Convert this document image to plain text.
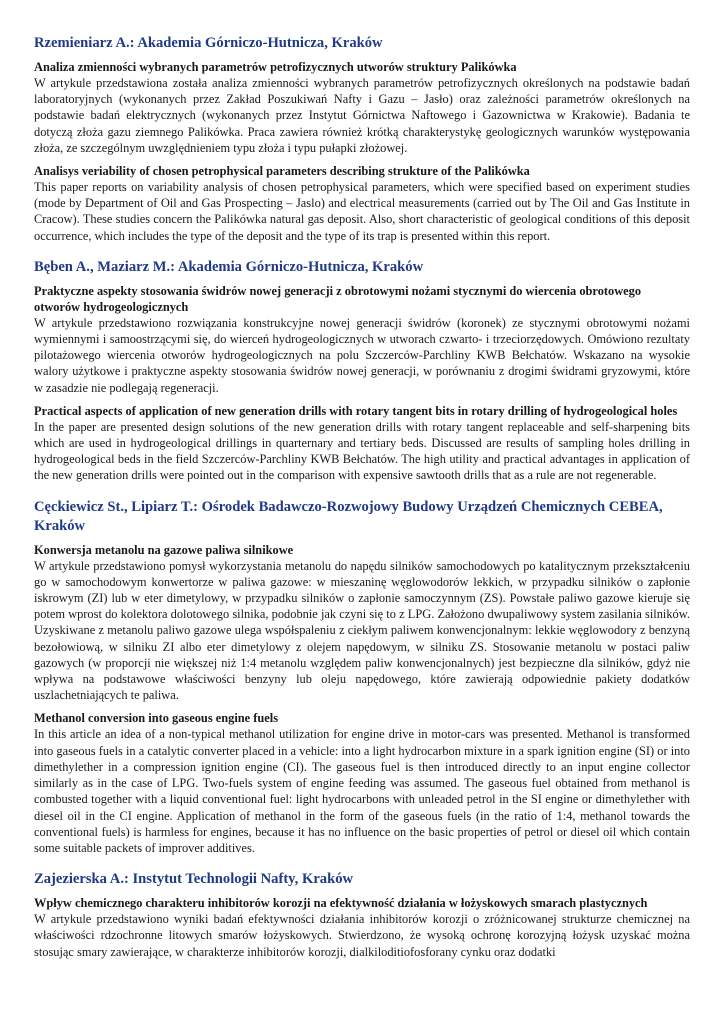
Rzemieniarz A.: Akademia Górniczo-Hutnicza, Kraków

Analiza zmienności wybranych parametrów petrofizycznych utworów struktury Palikówka

W artykule przedstawiona została analiza zmienności wybranych parametrów petrofizycznych określonych na podstawie badań laboratoryjnych (wykonanych przez Zakład Poszukiwań Nafty i Gazu – Jasło) oraz zależności parametrów określonych na podstawie badań elektrycznych (wykonanych przez Instytut Górnictwa Naftowego i Gazownictwa w Krakowie). Badania te dotyczą złoża gazu ziemnego Palikówka. Praca zawiera również krótką charakterystykę geologicznych warunków występowania złoża, ze szczególnym uwzględnieniem typu złoża i typu pułapki złożowej.

Analisys veriability of chosen petrophysical parameters describing strukture of the Palikówka

This paper reports on variability analysis of chosen petrophysical parameters, which were specified based on experiment studies (mode by Department of Oil and Gas Prospecting – Jaslo) and electrical measurements (carried out by The Oil and Gas Institute in Cracow). These studies concern the Palikówka natural gas deposit. Also, short characteristic of geological conditions of this deposit occurrence, which includes the type of the deposit and the type of its trap is presented within this report.

Bęben A., Maziarz M.: Akademia Górniczo-Hutnicza, Kraków

Praktyczne aspekty stosowania świdrów nowej generacji z obrotowymi nożami stycznymi do wiercenia obrotowego otworów hydrogeologicznych

W artykule przedstawiono rozwiązania konstrukcyjne nowej generacji świdrów (koronek) ze stycznymi obrotowymi nożami wymiennymi i samoostrzącymi się, do wierceń hydrogeologicznych w utworach czwarto- i trzeciorzędowych. Omówiono rezultaty pilotażowego wiercenia otworów hydrogeologicznych na polu Szczerców-Parchliny KWB Bełchatów. Wskazano na wysokie walory użytkowe i praktyczne aspekty stosowania świdrów nowej generacji, w porównaniu z drogimi świdrami gryzowymi, które w zasadzie nie podlegają regeneracji.

Practical aspects of application of new generation drills with rotary tangent bits in rotary drilling of hydrogeological holes

In the paper are presented design solutions of the new generation drills with rotary tangent replaceable and self-sharpening bits which are used in hydrogeological drillings in quarternary and tertiary beds. Discussed are results of sampling holes drilling in hydrogeological beds in the field Szczerców-Parchliny KWB Bełchatów. The high utility and practical advantages in application of the new generation drills were pointed out in the comparison with expensive sawtooth drills that as a rule are not regenerable.

Cęckiewicz St., Lipiarz T.: Ośrodek Badawczo-Rozwojowy Budowy Urządzeń Chemicznych CEBEA, Kraków

Konwersja metanolu na gazowe paliwa silnikowe

W artykule przedstawiono pomysł wykorzystania metanolu do napędu silników samochodowych po katalitycznym przekształceniu go w samochodowym konwertorze w paliwa gazowe: w mieszaninę węglowodorów lekkich, w przypadku silników o zapłonie iskrowym (ZI) lub w eter dimetylowy, w przypadku silników o zapłonie samoczynnym (ZS). Powstałe paliwo gazowe kieruje się potem wprost do kolektora dolotowego silnika, podobnie jak czyni się to z LPG. Założono dwupaliwowy system zasilania silników. Uzyskiwane z metanolu paliwo gazowe ulega współspaleniu z ciekłym paliwem konwencjonalnym: lekkie węglowodory z benzyną bezołowiową, w silniku ZI albo eter dimetylowy z olejem napędowym, w silniku ZS. Stosowanie metanolu w postaci paliw gazowych (w proporcji nie większej niż 1:4 metanolu względem paliw konwencjonalnych) jest bezpieczne dla silników, gdyż nie wpływa na podstawowe właściwości benzyny lub oleju napędowego, które zawierają odpowiednie pakiety dodatków uszlachetniających te paliwa.

Methanol conversion into gaseous engine fuels

In this article an idea of a non-typical methanol utilization for engine drive in motor-cars was presented. Methanol is transformed into gaseous fuels in a catalytic converter placed in a vehicle: into a light hydrocarbon mixture in a spark ignition engine (SI) or into dimethylether in a compression ignition engine (CI). The gaseous fuel is then introduced directly to an input engine collector similarly as in the case of LPG. Two-fuels system of engine feeding was assumed. The gaseous fuel obtained from methanol is combusted together with a liquid conventional fuel: light hydrocarbons with unleaded petrol in the SI engine or dimethylether with diesel oil in the CI engine. Application of methanol in the form of the gaseous fuels (in the ratio of 1:4, methanol towards the conventional fuels) is harmless for engines, because it has no influence on the basic properties of petrol or diesel oil which contain some suitable packets of improver additives.

Zajezierska A.: Instytut Technologii Nafty, Kraków

Wpływ chemicznego charakteru inhibitorów korozji na efektywność działania w łożyskowych smarach plastycznych

W artykule przedstawiono wyniki badań efektywności działania inhibitorów korozji o zróżnicowanej strukturze chemicznej na właściwości rdzochronne litowych smarów łożyskowych. Stwierdzono, że wysoką ochronę korozyjną łożysk uzyskać można stosując smary zawierające, w charakterze inhibitorów korozji, dialkiloditiofosforany cynku oraz dodatki
